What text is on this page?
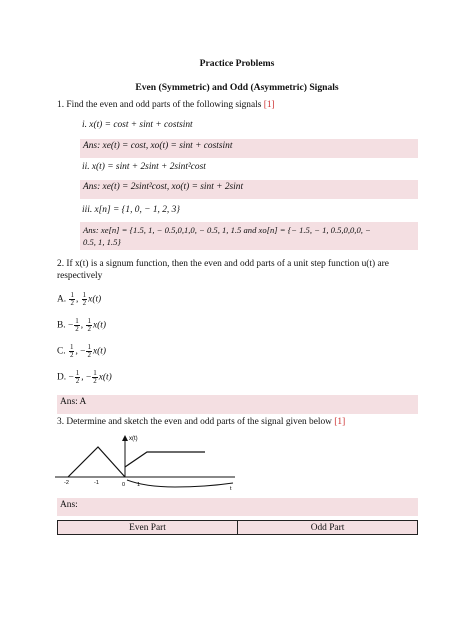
Practice Problems
Even (Symmetric) and Odd (Asymmetric) Signals
1. Find the even and odd parts of the following signals [1]
i. x(t) = cost + sint + costsint
Ans: xe(t) = cost, xo(t) = sint + costsint
ii. x(t) = sint + 2sint + 2sint²cost
Ans: xe(t) = 2sint²cost, xo(t) = sint + 2sint
iii. x[n] = {1, 0, − 1, 2, 3}
Ans: xe[n] = {1.5, 1, − 0.5,0,1,0, − 0.5, 1, 1.5 and xo[n] = {− 1.5, − 1, 0.5,0,0,0, −
0.5, 1, 1.5}
2. If x(t) is a signum function, then the even and odd parts of a unit step function u(t) are
respectively
A. $\frac{1}{2}$ , $\frac{1}{2} x(t)$
B. − $\frac{1}{2}$ , $\frac{1}{2} x(t)$
C. $\frac{1}{2}$ , − $\frac{1}{2} x(t)$
D. − $\frac{1}{2}$ , − $\frac{1}{2} x(t)$
Ans: A
3. Determine and sketch the even and odd parts of the signal given below [1]
x(t)
-2	-1	0 1
t
Ans:
Even Part	Odd Part
